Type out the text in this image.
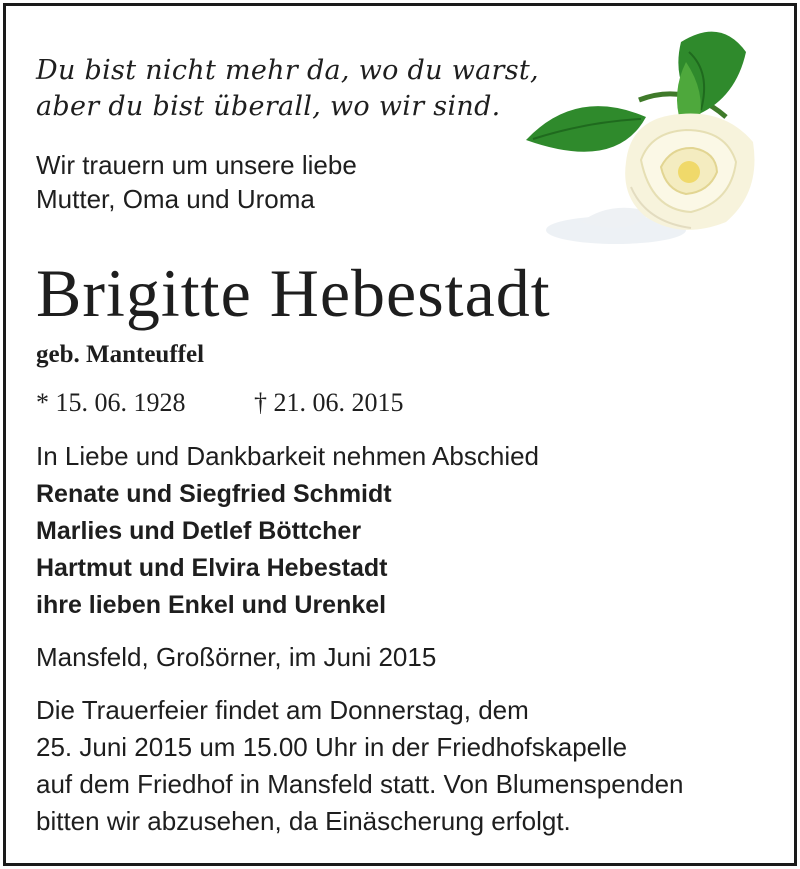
Du bist nicht mehr da, wo du warst,
aber du bist überall, wo wir sind.
Wir trauern um unsere liebe
Mutter, Oma und Uroma
Brigitte Hebestadt
geb. Manteuffel
* 15. 06. 1928	† 21. 06. 2015
In Liebe und Dankbarkeit nehmen Abschied
Renate und Siegfried Schmidt
Marlies und Detlef Böttcher
Hartmut und Elvira Hebestadt
ihre lieben Enkel und Urenkel
Mansfeld, Großörner, im Juni 2015
Die Trauerfeier findet am Donnerstag, dem
25. Juni 2015 um 15.00 Uhr in der Friedhofskapelle
auf dem Friedhof in Mansfeld statt. Von Blumenspenden
bitten wir abzusehen, da Einäscherung erfolgt.
